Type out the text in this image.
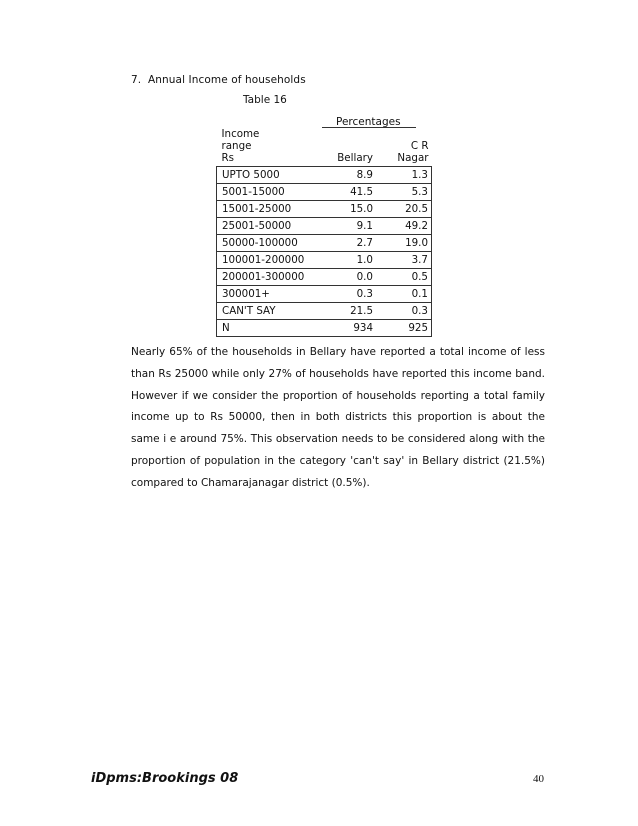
7. Annual Income of households
Table 16
Percentages
Income
range
Rs	Bellary	C R
Nagar
UPTO 5000	8.9	1.3
5001-15000	41.5	5.3
15001-25000	15.0	20.5
25001-50000	9.1	49.2
50000-100000	2.7	19.0
100001-200000	1.0	3.7
200001-300000	0.0	0.5
300001+	0.3	0.1
CAN'T SAY	21.5	0.3
N	934	925
Nearly 65% of the households in Bellary have reported a total income of less than Rs 25000 while only 27% of households have reported this income band. However if we consider the proportion of households reporting a total family income up to Rs 50000, then in both districts this proportion is about the same i e around 75%. This observation needs to be considered along with the proportion of population in the category 'can't say' in Bellary district (21.5%) compared to Chamarajanagar district (0.5%).
iDpms:Brookings 08	40
